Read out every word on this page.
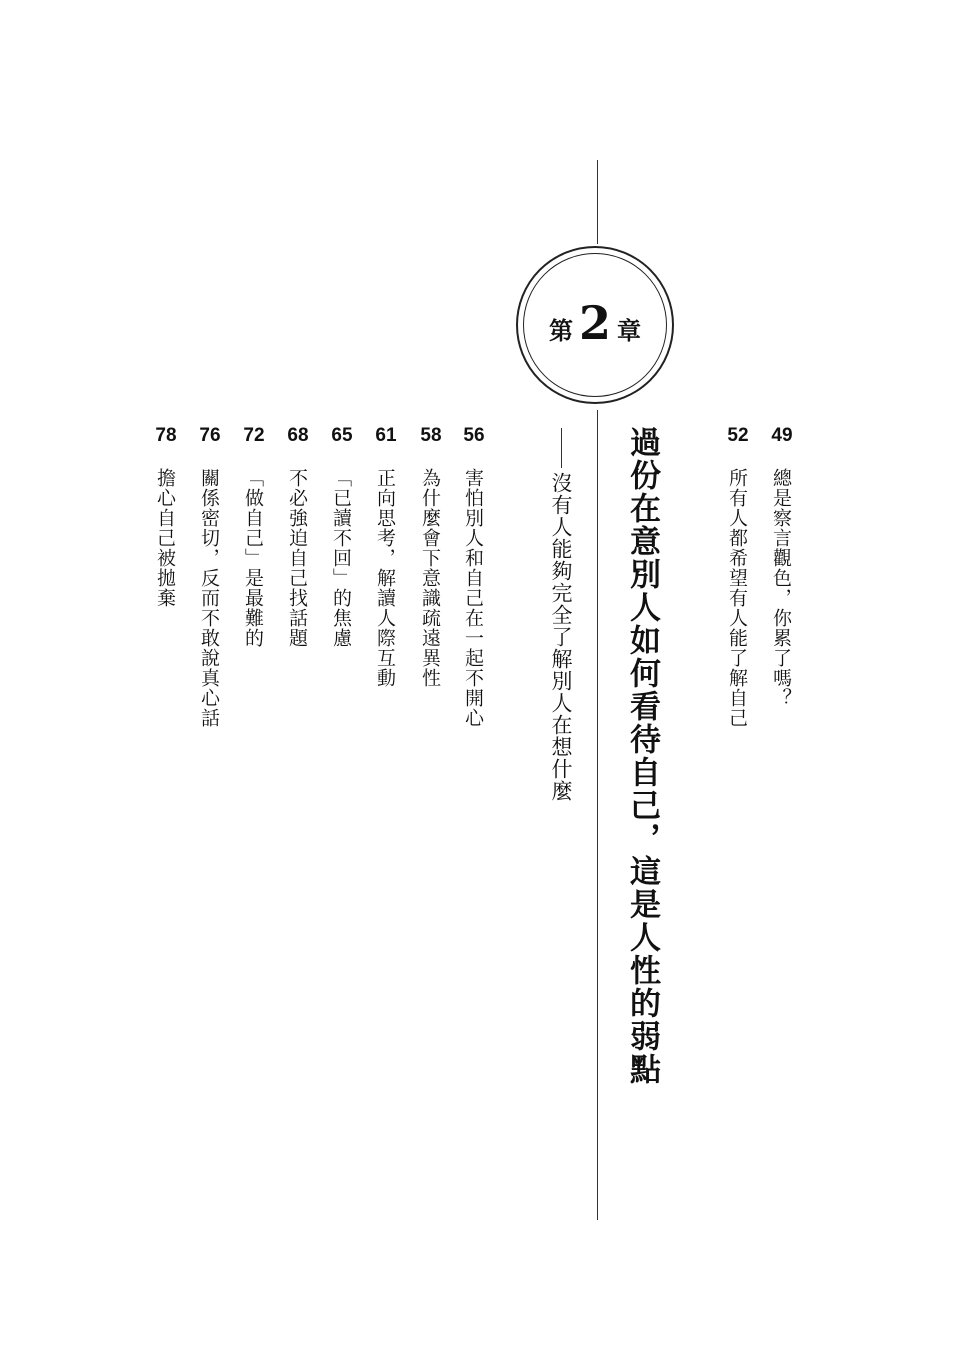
第 2 章
49
總是察言觀色，你累了嗎？
52
所有人都希望有人能了解自己
過份在意別人如何看待自己，這是人性的弱點
沒有人能夠完全了解別人在想什麼
56
害怕別人和自己在一起不開心
58
為什麼會下意識疏遠異性
61
正向思考，解讀人際互動
65
「已讀不回」的焦慮
68
不必強迫自己找話題
72
「做自己」是最難的
76
關係密切，反而不敢說真心話
78
擔心自己被拋棄
